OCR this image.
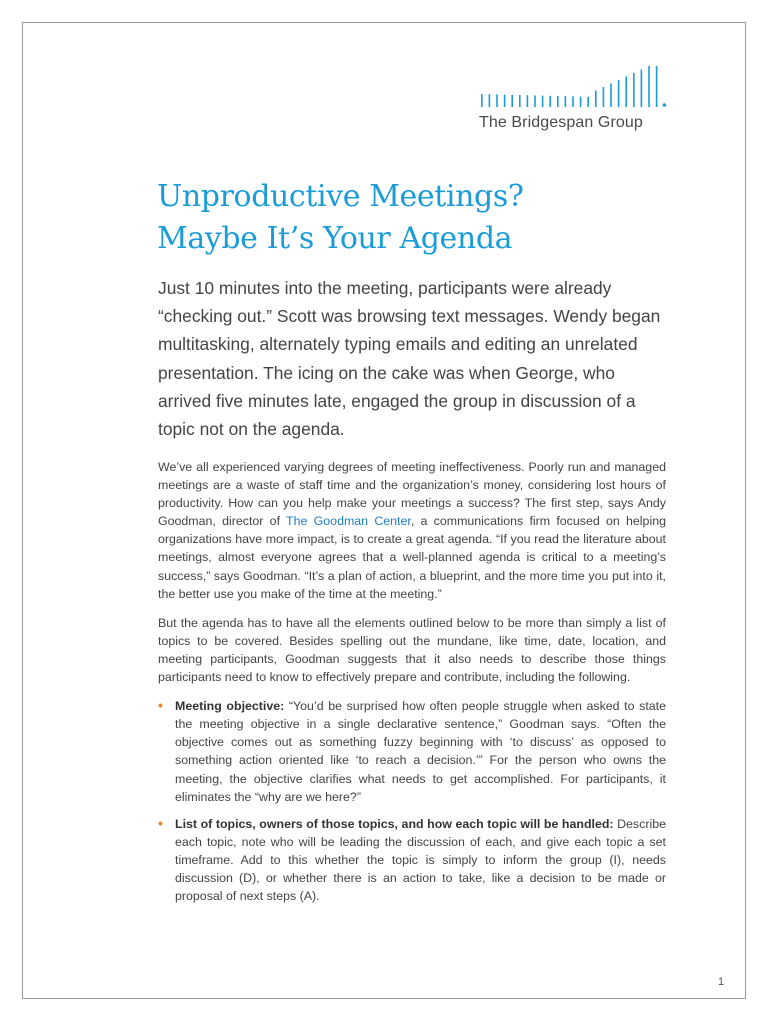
The Bridgespan Group
Unproductive Meetings?
Maybe It’s Your Agenda

Just 10 minutes into the meeting, participants were already “checking out.” Scott was browsing text messages. Wendy began multitasking, alternately typing emails and editing an unrelated presentation. The icing on the cake was when George, who arrived five minutes late, engaged the group in discussion of a topic not on the agenda.

We’ve all experienced varying degrees of meeting ineffectiveness. Poorly run and managed meetings are a waste of staff time and the organization’s money, considering lost hours of productivity. How can you help make your meetings a success? The first step, says Andy Goodman, director of The Goodman Center, a communications firm focused on helping organizations have more impact, is to create a great agenda. “If you read the literature about meetings, almost everyone agrees that a well-planned agenda is critical to a meeting’s success,” says Goodman. “It’s a plan of action, a blueprint, and the more time you put into it, the better use you make of the time at the meeting.”

But the agenda has to have all the elements outlined below to be more than simply a list of topics to be covered. Besides spelling out the mundane, like time, date, location, and meeting participants, Goodman suggests that it also needs to describe those things participants need to know to effectively prepare and contribute, including the following.

• Meeting objective: “You’d be surprised how often people struggle when asked to state the meeting objective in a single declarative sentence,” Goodman says. “Often the objective comes out as something fuzzy beginning with ‘to discuss’ as opposed to something action oriented like ‘to reach a decision.’” For the person who owns the meeting, the objective clarifies what needs to get accomplished. For participants, it eliminates the “why are we here?”
• List of topics, owners of those topics, and how each topic will be handled: Describe each topic, note who will be leading the discussion of each, and give each topic a set timeframe. Add to this whether the topic is simply to inform the group (I), needs discussion (D), or whether there is an action to take, like a decision to be made or proposal of next steps (A).
1
